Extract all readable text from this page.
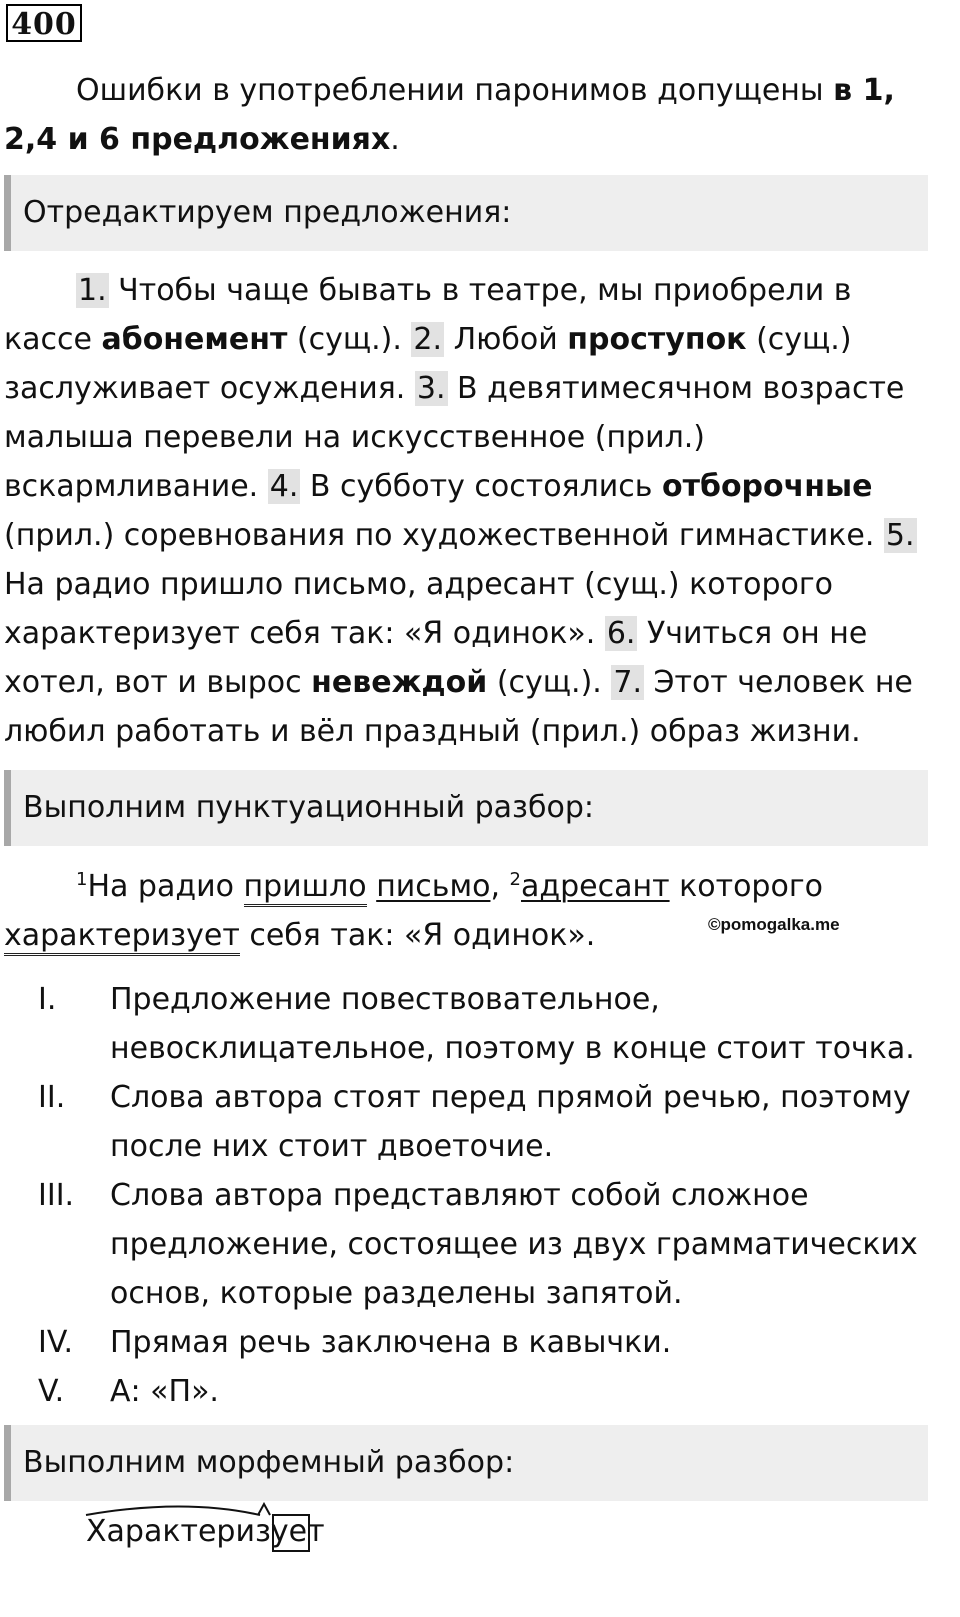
400
Ошибки в употреблении паронимов допущены в 1, 2,4 и 6 предложениях.
Отредактируем предложения:
1. Чтобы чаще бывать в театре, мы приобрели в кассе абонемент (сущ.). 2. Любой проступок (сущ.) заслуживает осуждения. 3. В девятимесячном возрасте малыша перевели на искусственное (прил.) вскармливание. 4. В субботу состоялись отборочные (прил.) соревнования по художественной гимнастике. 5. На радио пришло письмо, адресант (сущ.) которого характеризует себя так: «Я одинок». 6. Учиться он не хотел, вот и вырос невеждой (сущ.). 7. Этот человек не любил работать и вёл праздный (прил.) образ жизни.
Выполним пунктуационный разбор:
$^1$На радио пришло письмо, $^2$адресант которого характеризует себя так: «Я одинок».	©pomogalka.me
I. Предложение повествовательное, невосклицательное, поэтому в конце стоит точка.
II. Слова автора стоят перед прямой речью, поэтому после них стоит двоеточие.
III. Слова автора представляют собой сложное предложение, состоящее из двух грамматических основ, которые разделены запятой.
IV. Прямая речь заключена в кавычки.
V. А: «П».
Выполним морфемный разбор:
Характеризует
